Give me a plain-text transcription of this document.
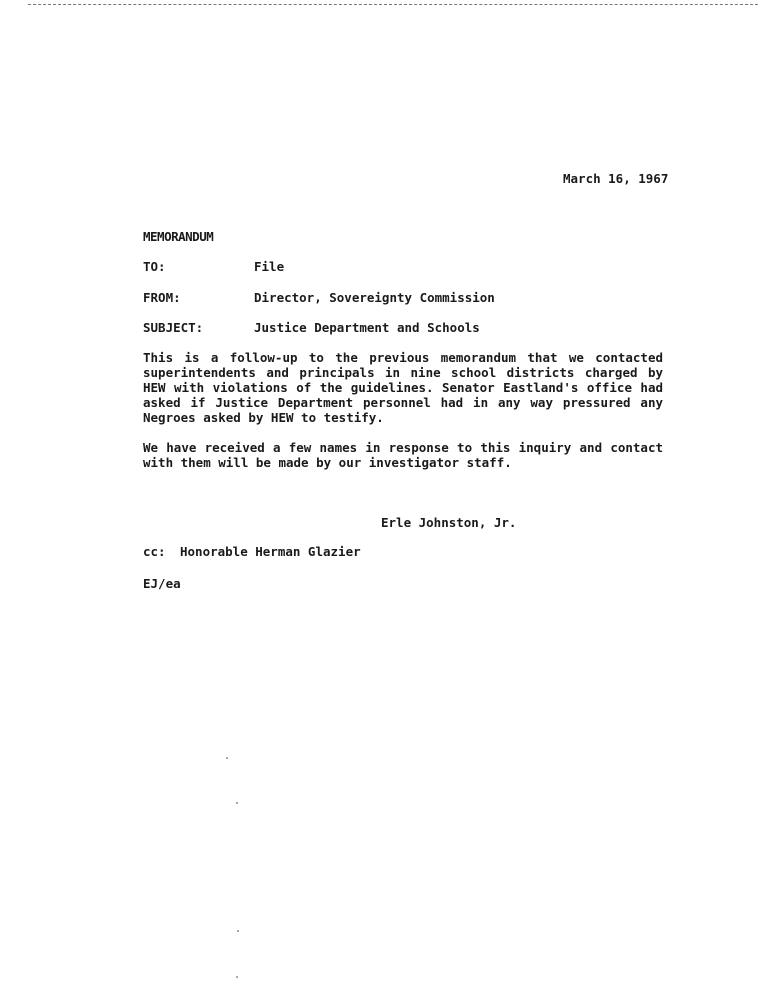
March 16, 1967
MEMORANDUM
TO:	File
FROM:	Director, Sovereignty Commission
SUBJECT:	Justice Department and Schools
This is a follow-up to the previous memorandum that we contacted superintendents and principals in nine school districts charged by HEW with violations of the guidelines. Senator Eastland's office had asked if Justice Department personnel had in any way pressured any Negroes asked by HEW to testify.
We have received a few names in response to this inquiry and contact with them will be made by our investigator staff.
Erle Johnston, Jr.
cc: Honorable Herman Glazier
EJ/ea
